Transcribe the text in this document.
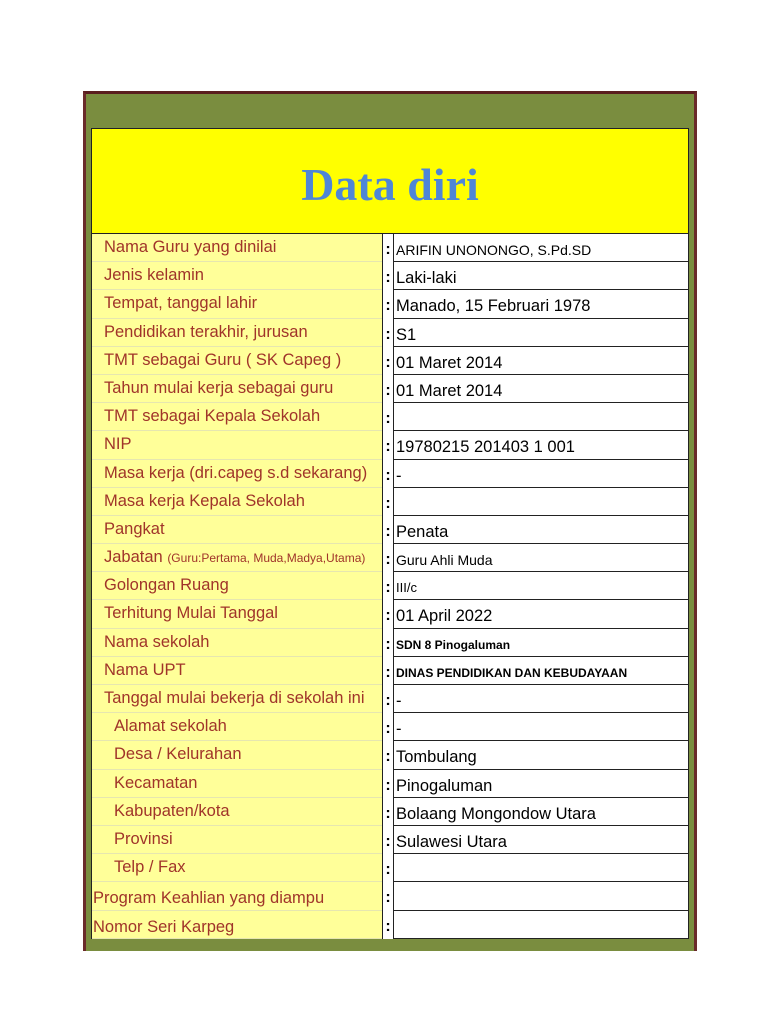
Data diri
Nama Guru yang dinilai	: ARIFIN UNONONGO, S.Pd.SD
Jenis kelamin	: Laki-laki
Tempat, tanggal lahir	: Manado, 15 Februari 1978
Pendidikan terakhir, jurusan	: S1
TMT sebagai Guru ( SK Capeg )	: 01 Maret 2014
Tahun mulai kerja sebagai guru	: 01 Maret 2014
TMT sebagai Kepala Sekolah	:
NIP	: 19780215 201403 1 001
Masa kerja (dri.capeg s.d sekarang)	: -
Masa kerja Kepala Sekolah	:
Pangkat	: Penata
Jabatan (Guru:Pertama, Muda,Madya,Utama)	: Guru Ahli Muda
Golongan Ruang	: III/c
Terhitung Mulai Tanggal	: 01 April 2022
Nama sekolah	: SDN 8 Pinogaluman
Nama UPT	: DINAS PENDIDIKAN DAN KEBUDAYAAN
Tanggal mulai bekerja di sekolah ini	: -
Alamat sekolah	: -
Desa / Kelurahan	: Tombulang
Kecamatan	: Pinogaluman
Kabupaten/kota	: Bolaang Mongondow Utara
Provinsi	: Sulawesi Utara
Telp / Fax	:
Program Keahlian yang diampu	:
Nomor Seri Karpeg	:
